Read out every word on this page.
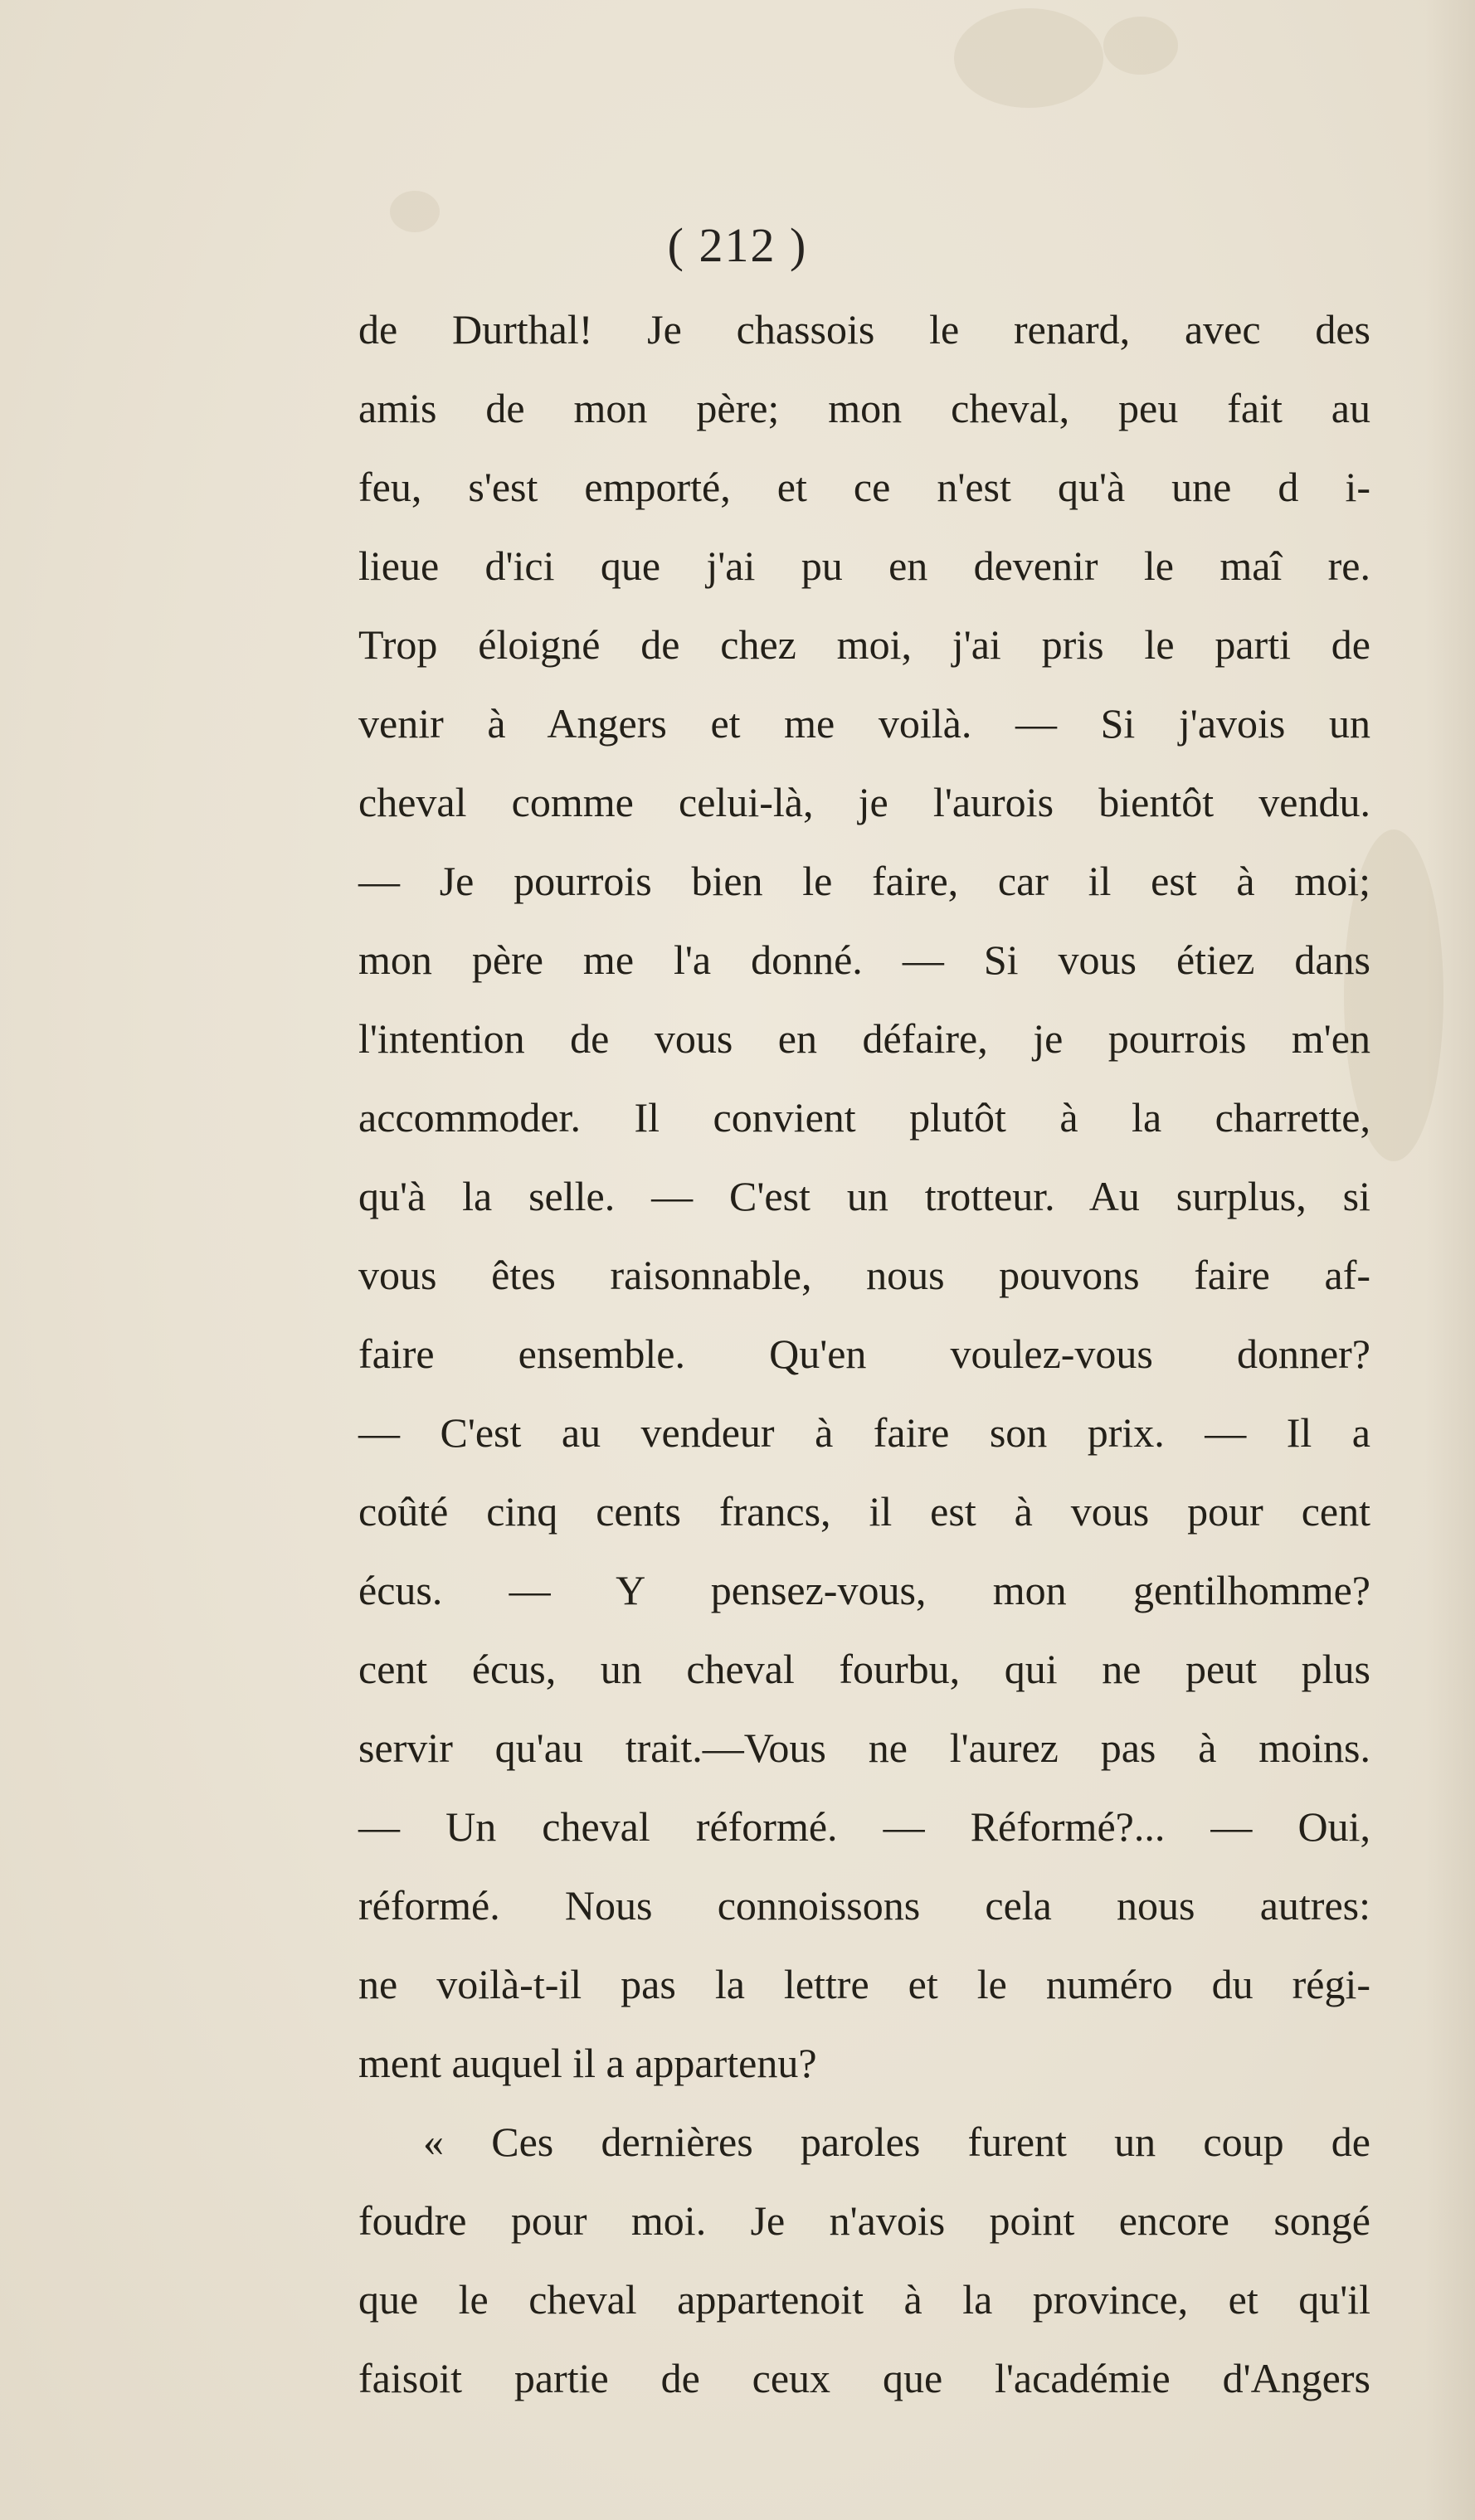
( 212 )
de Durthal! Je chassois le renard, avec des
amis de mon père; mon cheval, peu fait au
feu, s'est emporté, et ce n'est qu'à une d i-
lieue d'ici que j'ai pu en devenir le maî re.
Trop éloigné de chez moi, j'ai pris le parti de
venir à Angers et me voilà. — Si j'avois un
cheval comme celui-là, je l'aurois bientôt vendu.
— Je pourrois bien le faire, car il est à moi;
mon père me l'a donné. — Si vous étiez dans
l'intention de vous en défaire, je pourrois m'en
accommoder. Il convient plutôt à la charrette,
qu'à la selle. — C'est un trotteur. Au surplus, si
vous êtes raisonnable, nous pouvons faire af-
faire ensemble. Qu'en voulez-vous donner?
— C'est au vendeur à faire son prix. — Il a
coûté cinq cents francs, il est à vous pour cent
écus. — Y pensez-vous, mon gentilhomme?
cent écus, un cheval fourbu, qui ne peut plus
servir qu'au trait.—Vous ne l'aurez pas à moins.
— Un cheval réformé. — Réformé?... — Oui,
réformé. Nous connoissons cela nous autres:
ne voilà-t-il pas la lettre et le numéro du régi-
ment auquel il a appartenu?
« Ces dernières paroles furent un coup de
foudre pour moi. Je n'avois point encore songé
que le cheval appartenoit à la province, et qu'il
faisoit partie de ceux que l'académie d'Angers
